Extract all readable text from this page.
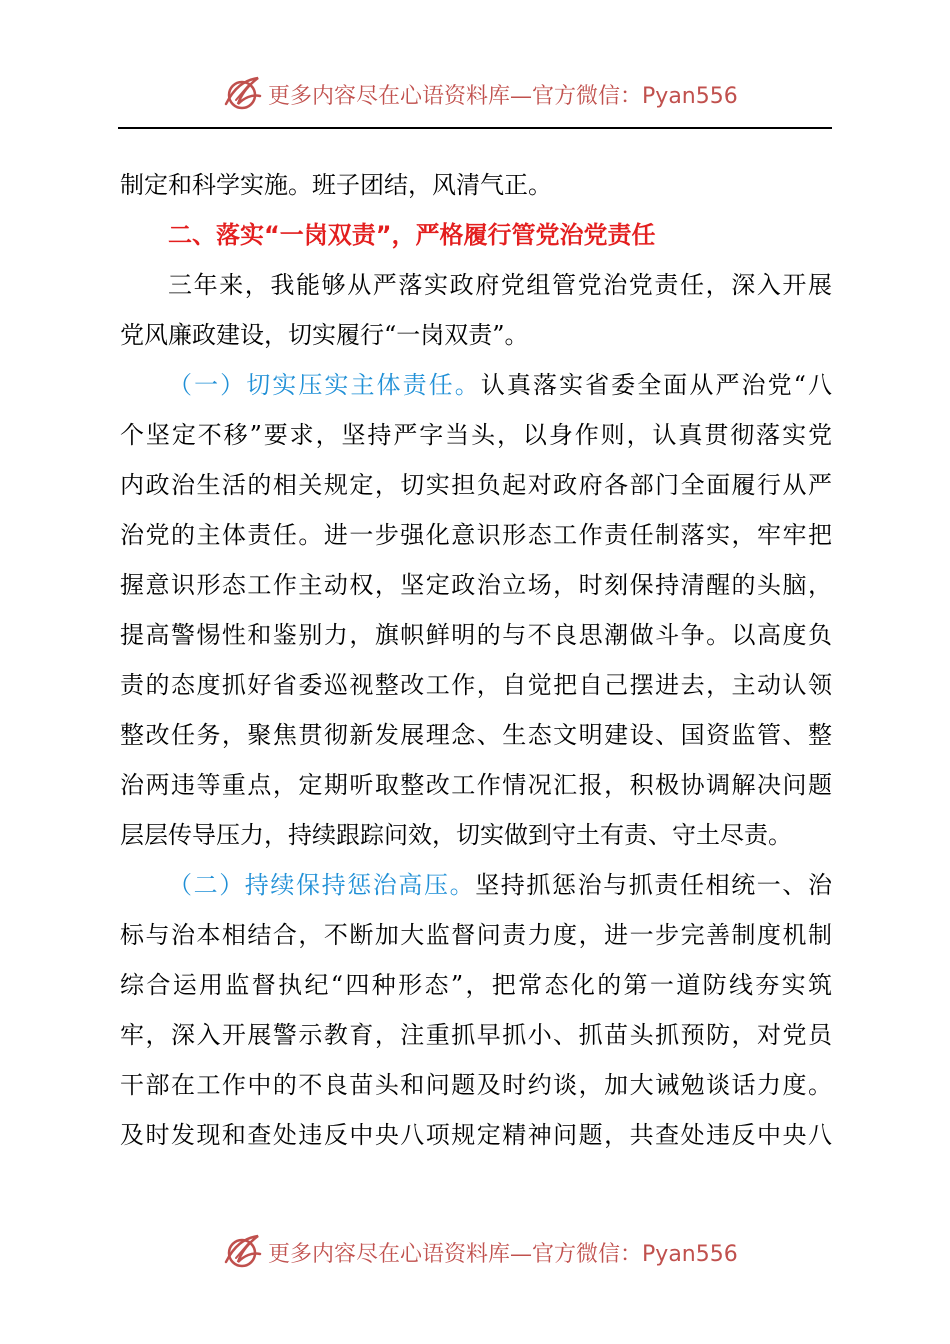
更多内容尽在心语资料库—官方微信：Pyan556
制定和科学实施。班子团结，风清气正。
二、落实“一岗双责”，严格履行管党治党责任
三年来，我能够从严落实政府党组管党治党责任，深入开展
党风廉政建设，切实履行“一岗双责”。
（一）切实压实主体责任。认真落实省委全面从严治党“八
个坚定不移”要求，坚持严字当头，以身作则，认真贯彻落实党
内政治生活的相关规定，切实担负起对政府各部门全面履行从严
治党的主体责任。进一步强化意识形态工作责任制落实，牢牢把
握意识形态工作主动权，坚定政治立场，时刻保持清醒的头脑，
提高警惕性和鉴别力，旗帜鲜明的与不良思潮做斗争。以高度负
责的态度抓好省委巡视整改工作，自觉把自己摆进去，主动认领
整改任务，聚焦贯彻新发展理念、生态文明建设、国资监管、整
治两违等重点，定期听取整改工作情况汇报，积极协调解决问题
层层传导压力，持续跟踪问效，切实做到守土有责、守土尽责。
（二）持续保持惩治高压。坚持抓惩治与抓责任相统一、治
标与治本相结合，不断加大监督问责力度，进一步完善制度机制
综合运用监督执纪“四种形态”，把常态化的第一道防线夯实筑
牢，深入开展警示教育，注重抓早抓小、抓苗头抓预防，对党员
干部在工作中的不良苗头和问题及时约谈，加大诫勉谈话力度。
及时发现和查处违反中央八项规定精神问题，共查处违反中央八
更多内容尽在心语资料库—官方微信：Pyan556
